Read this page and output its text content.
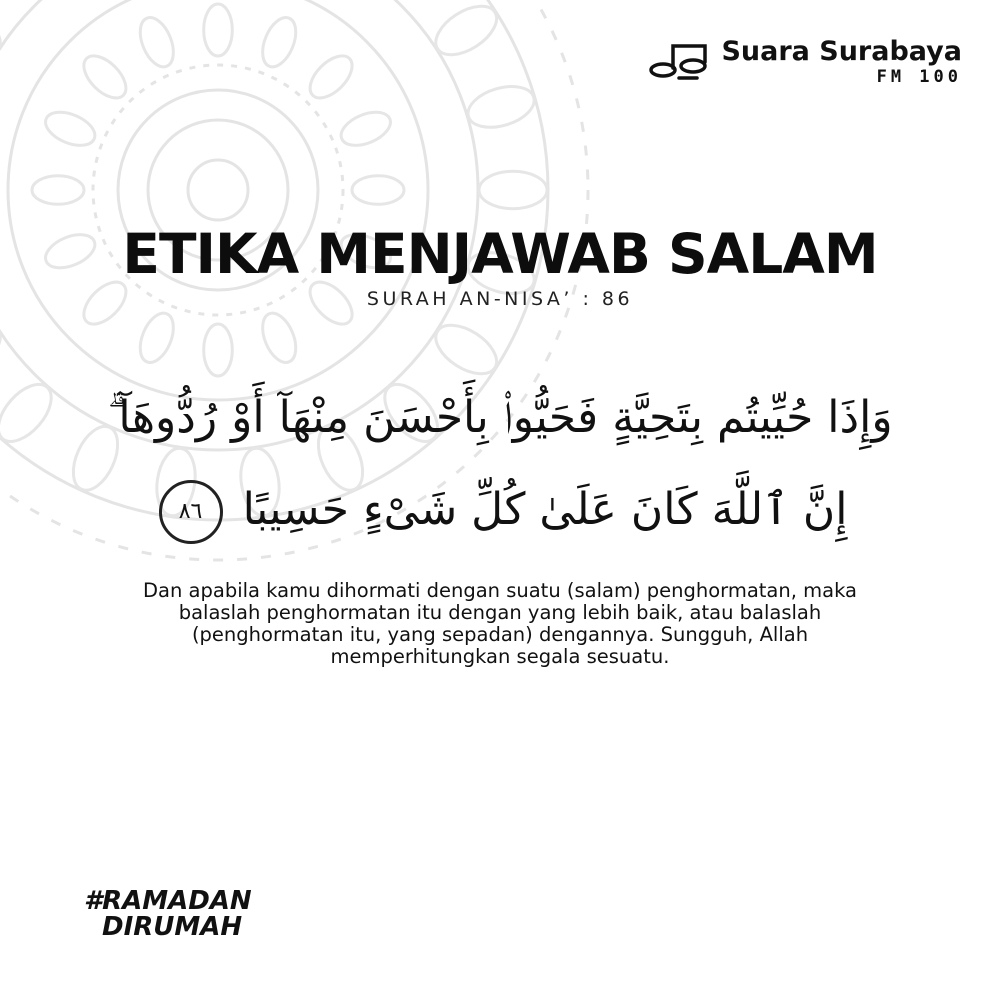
Suara Surabaya
FM 100
ETIKA MENJAWAB SALAM
SURAH AN-NISA’ : 86
وَإِذَا حُيِّيتُم بِتَحِيَّةٍ فَحَيُّوا۟ بِأَحْسَنَ مِنْهَآ أَوْ رُدُّوهَآ ۗ إِنَّ ٱللَّهَ كَانَ عَلَىٰ كُلِّ شَىْءٍ حَسِيبًا ٨٦
Dan apabila kamu dihormati dengan suatu (salam) penghormatan, maka balaslah penghormatan itu dengan yang lebih baik, atau balaslah (penghormatan itu, yang sepadan) dengannya. Sungguh, Allah memperhitungkan segala sesuatu.
#RAMADAN
DIRUMAH
